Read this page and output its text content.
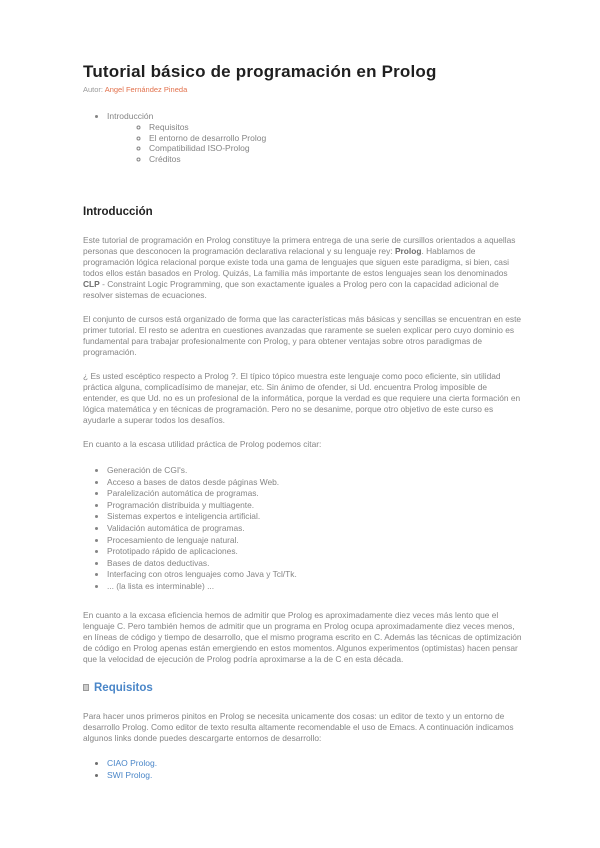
Tutorial básico de programación en Prolog

Autor: Angel Fernández Pineda

• Introducción
◦ Requisitos
◦ El entorno de desarrollo Prolog
◦ Compatibilidad ISO-Prolog
◦ Créditos
Introducción

Este tutorial de programación en Prolog constituye la primera entrega de una serie de cursillos orientados a aquellas personas que desconocen la programación declarativa relacional y su lenguaje rey: Prolog. Hablamos de programación lógica relacional porque existe toda una gama de lenguajes que siguen este paradigma, si bien, casi todos ellos están basados en Prolog. Quizás, La familia más importante de estos lenguajes sean los denominados CLP - Constraint Logic Programming, que son exactamente iguales a Prolog pero con la capacidad adicional de resolver sistemas de ecuaciones.

El conjunto de cursos está organizado de forma que las características más básicas y sencillas se encuentran en este primer tutorial. El resto se adentra en cuestiones avanzadas que raramente se suelen explicar pero cuyo dominio es fundamental para trabajar profesionalmente con Prolog, y para obtener ventajas sobre otros paradigmas de programación.

¿ Es usted escéptico respecto a Prolog ?. El típico tópico muestra este lenguaje como poco eficiente, sin utilidad práctica alguna, complicadísimo de manejar, etc. Sin ánimo de ofender, si Ud. encuentra Prolog imposible de entender, es que Ud. no es un profesional de la informática, porque la verdad es que requiere una cierta formación en lógica matemática y en técnicas de programación. Pero no se desanime, porque otro objetivo de este curso es ayudarle a superar todos los desafíos.

En cuanto a la escasa utilidad práctica de Prolog podemos citar:

• Generación de CGI's.
• Acceso a bases de datos desde páginas Web.
• Paralelización automática de programas.
• Programación distribuida y multiagente.
• Sistemas expertos e inteligencia artificial.
• Validación automática de programas.
• Procesamiento de lenguaje natural.
• Prototipado rápido de aplicaciones.
• Bases de datos deductivas.
• Interfacing con otros lenguajes como Java y Tcl/Tk.
• ... (la lista es interminable) ...

En cuanto a la excasa eficiencia hemos de admitir que Prolog es aproximadamente diez veces más lento que el lenguaje C. Pero también hemos de admitir que un programa en Prolog ocupa aproximadamente diez veces menos, en líneas de código y tiempo de desarrollo, que el mismo programa escrito en C. Además las técnicas de optimización de código en Prolog apenas están emergiendo en estos momentos. Algunos experimentos (optimistas) hacen pensar que la velocidad de ejecución de Prolog podría aproximarse a la de C en esta década.

Requisitos

Para hacer unos primeros pinitos en Prolog se necesita unicamente dos cosas: un editor de texto y un entorno de desarrollo Prolog. Como editor de texto resulta altamente recomendable el uso de Emacs. A continuación indicamos algunos links donde puedes descargarte entornos de desarrollo:

• CIAO Prolog.
• SWI Prolog.
